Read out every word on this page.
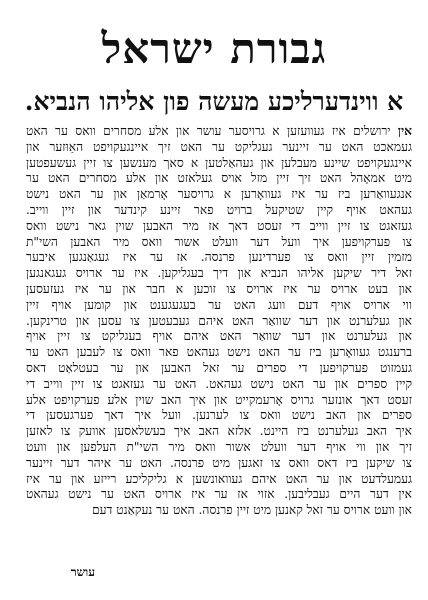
גבורת ישראל
א ווינדערליכע מעשה פון אליהו הנביא.
אין ירושלים איז געוועזען א גרויסער עושר און אלע מסחרים וואס ער האט
געמאכט האט ער זיינער געגליקט ער האט זיך איינגעקויפט האַוּזער און
איינגעקויפט שיינע מעבלען און געהאַלטען א סאך מענשען צו זיין געשעפטען
מיט אמאָהל האט זיך זיין מזל אויס געלאזט און אלע מסחרים האט ער
אנגעוואַרען ביז ער איז געוואָרען א גרויסער אָרמאַן און ער האט נישט
געהאט אויף קיין שטיקעל ברויט פאר זיינע קינדער און זיין ווייב.
געזאגט צו זיין ווייב די זעסט דאך אז מיר האבען שוין גאר נישט וואס
צו פערקויפען איך וועל דער וועלט אשור וואס מיר האבען השי"ת
מזמין זיין וואס צו פערדינען פרנסה. אז ער איז געגאַנגען איבער
זאל דיר שיקען אליהו הנביא און דיך בעגליקען. איז ער ארויס געגאנגען
און בעט ארויס ער איז ארויס צו זוכען א חבר און ער איז געזעסען
ווי ארויס אויף דעם וועג האט ער בעגעגענט און קומען אויף זיין
און געלערנט און דער שוואַר האט איהם געבעטען צו עסען און טרינקען.
און געלערנט און דער שוואַר האט איהם אויף בעגליקט צו זיין אויף
ברענגט געוואָרען ביז ער האט נישט געהאט פאר וואס צו לעבען האט ער
געמזוט פערקויפען די ספרים ער זאל האבען און ער בעטלאַט דאס
קיין ספרים און ער האט נישט געהאט. האט ער געזאגט צו זיין ווייב די
זעסט דאך אונזער גרויס אָרעמקייט און איך האב שוין אלע פערקויפט אלע
ספרים און האב נישט וואס צו לערנען. וועל איך דאך פערגעסען די
איך האב געלערנט ביז היינט. אלזא האב איך בעשלאסען אוועק צו לאזען
זיך און ווי אויף דער וועלט אשור וואס מיר השי"ת העלפען און וועט
צו שיקען ביז דאס וואס צו זאגען מיט פרנסה. האט ער איהר דער זיינער
געמעלדעט און ער האט איהם געוואונשען א גליקליכע רייזע און ער איז
אין דער היים געבליבען. אזוי אז ער איז ארויס האט ער נישט געהאט
און וועט ארויס ער זאל קאנען מיט זיין פרנסה. האט ער נעקאַנט דעם
עושר
